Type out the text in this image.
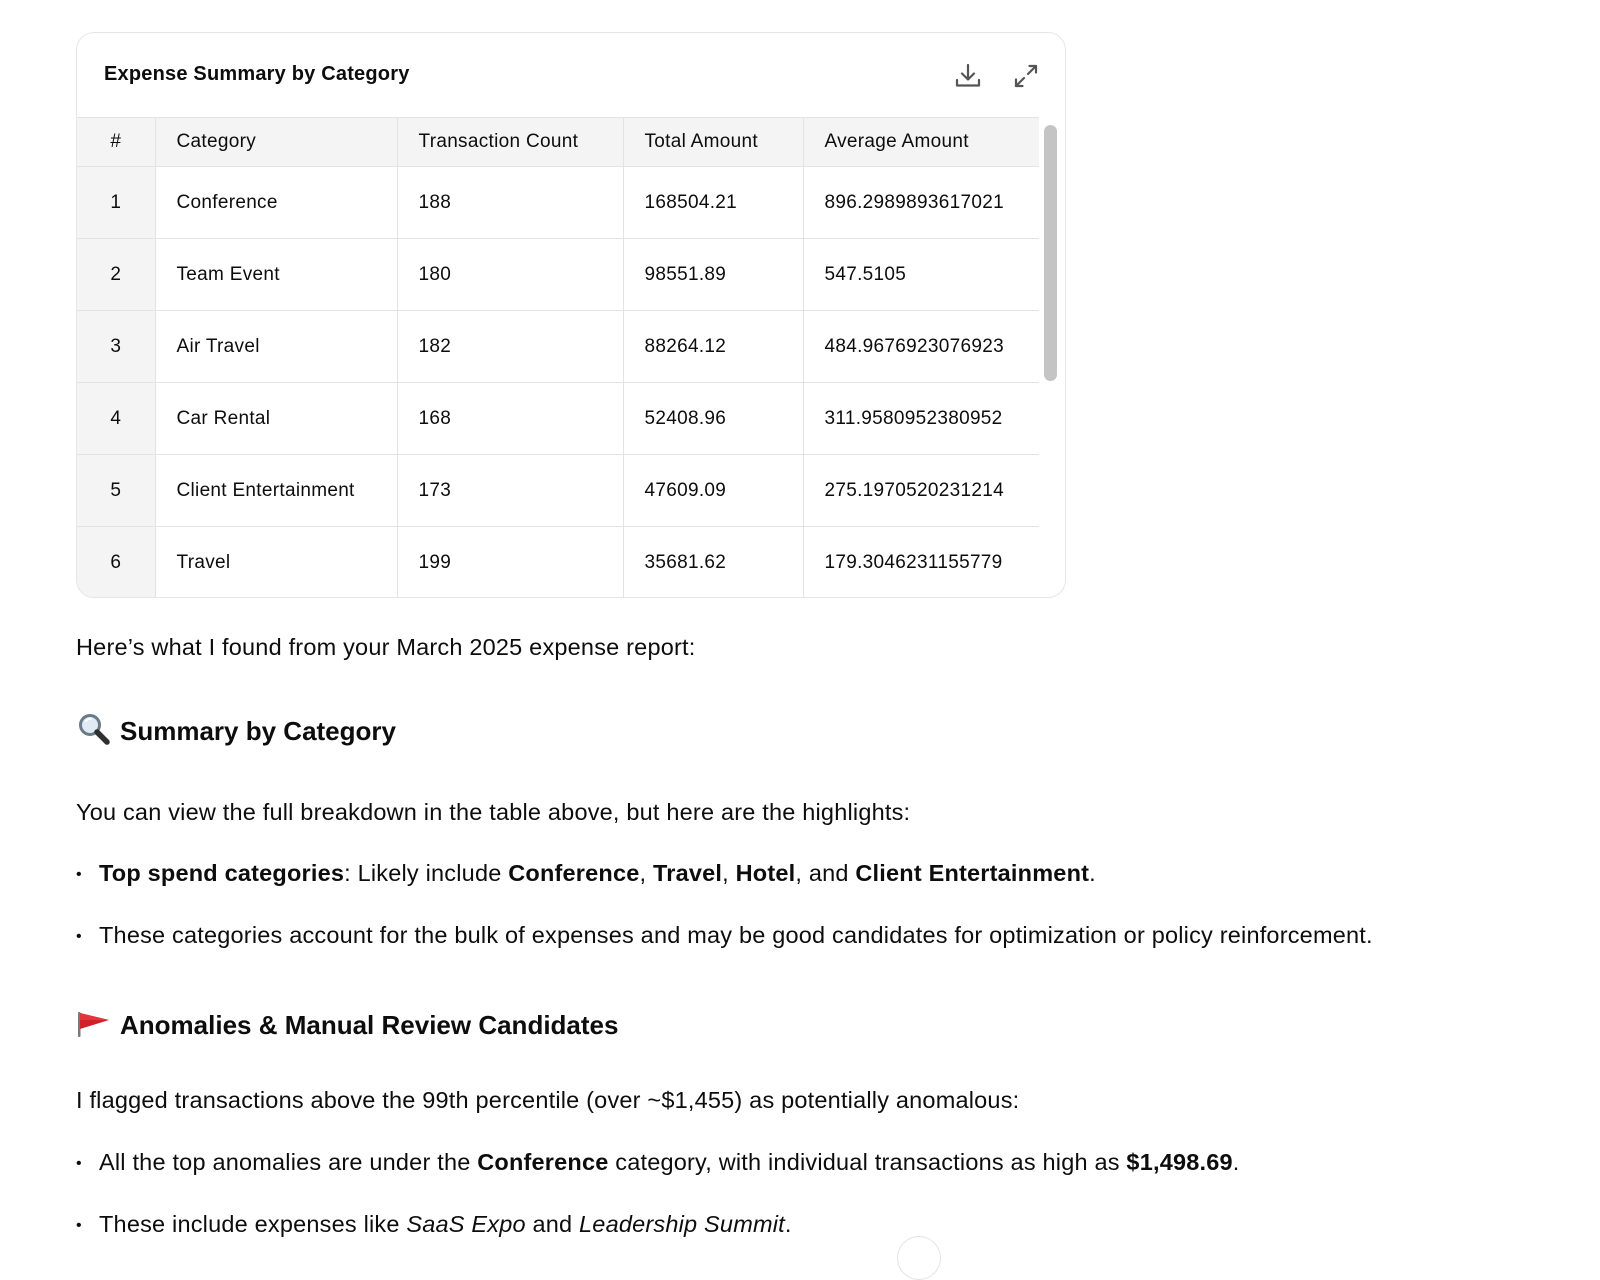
Expense Summary by Category
#	Category	Transaction Count	Total Amount	Average Amount
1	Conference	188	168504.21	896.2989893617021
2	Team Event	180	98551.89	547.5105
3	Air Travel	182	88264.12	484.9676923076923
4	Car Rental	168	52408.96	311.9580952380952
5	Client Entertainment	173	47609.09	275.1970520231214
6	Travel	199	35681.62	179.3046231155779
Here’s what I found from your March 2025 expense report:
Summary by Category
You can view the full breakdown in the table above, but here are the highlights:
• Top spend categories: Likely include Conference, Travel, Hotel, and Client Entertainment.
• These categories account for the bulk of expenses and may be good candidates for optimization or policy reinforcement.
Anomalies & Manual Review Candidates
I flagged transactions above the 99th percentile (over ~$1,455) as potentially anomalous:
• All the top anomalies are under the Conference category, with individual transactions as high as $1,498.69.
• These include expenses like SaaS Expo and Leadership Summit.
